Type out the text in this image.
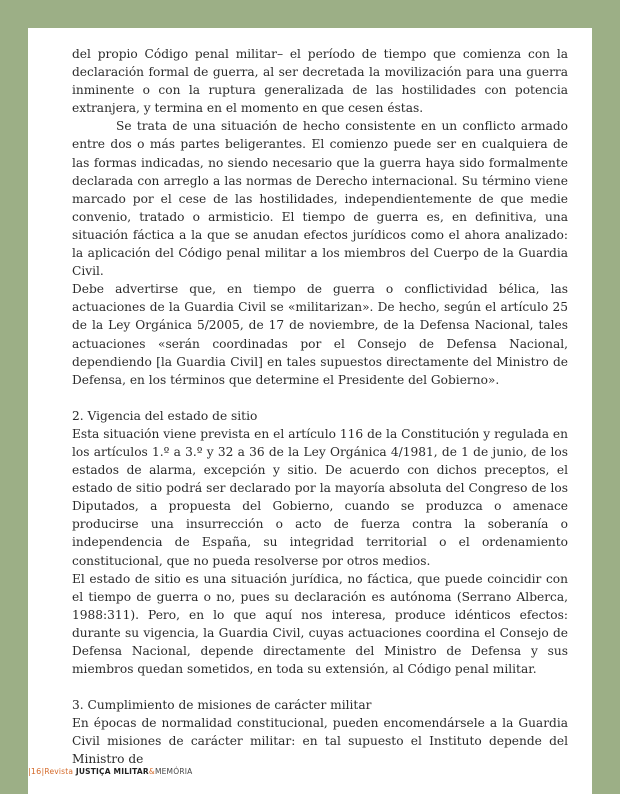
del propio Código penal militar– el período de tiempo que comienza con la declaración formal de guerra, al ser decretada la movilización para una guerra inminente o con la ruptura generalizada de las hostilidades con potencia extranjera, y termina en el momento en que cesen éstas.

Se trata de una situación de hecho consistente en un conflicto armado entre dos o más partes beligerantes. El comienzo puede ser en cualquiera de las formas indicadas, no siendo necesario que la guerra haya sido formalmente declarada con arreglo a las normas de Derecho internacional. Su término viene marcado por el cese de las hostilidades, independientemente de que medie convenio, tratado o armisticio. El tiempo de guerra es, en definitiva, una situación fáctica a la que se anudan efectos jurídicos como el ahora analizado: la aplicación del Código penal militar a los miembros del Cuerpo de la Guardia Civil.

Debe advertirse que, en tiempo de guerra o conflictividad bélica, las actuaciones de la Guardia Civil se «militarizan». De hecho, según el artículo 25 de la Ley Orgánica 5/2005, de 17 de noviembre, de la Defensa Nacional, tales actuaciones «serán coordinadas por el Consejo de Defensa Nacional, dependiendo [la Guardia Civil] en tales supuestos directamente del Ministro de Defensa, en los términos que determine el Presidente del Gobierno».

2. Vigencia del estado de sitio

Esta situación viene prevista en el artículo 116 de la Constitución y regulada en los artículos 1.º a 3.º y 32 a 36 de la Ley Orgánica 4/1981, de 1 de junio, de los estados de alarma, excepción y sitio. De acuerdo con dichos preceptos, el estado de sitio podrá ser declarado por la mayoría absoluta del Congreso de los Diputados, a propuesta del Gobierno, cuando se produzca o amenace producirse una insurrección o acto de fuerza contra la soberanía o independencia de España, su integridad territorial o el ordenamiento constitucional, que no pueda resolverse por otros medios.

El estado de sitio es una situación jurídica, no fáctica, que puede coincidir con el tiempo de guerra o no, pues su declaración es autónoma (Serrano Alberca, 1988:311). Pero, en lo que aquí nos interesa, produce idénticos efectos: durante su vigencia, la Guardia Civil, cuyas actuaciones coordina el Consejo de Defensa Nacional, depende directamente del Ministro de Defensa y sus miembros quedan sometidos, en toda su extensión, al Código penal militar.

3. Cumplimiento de misiones de carácter militar

En épocas de normalidad constitucional, pueden encomendársele a la Guardia Civil misiones de carácter militar: en tal supuesto el Instituto depende del Ministro de

|16|Revista JUSTIÇA MILITAR&MEMÓRIA
